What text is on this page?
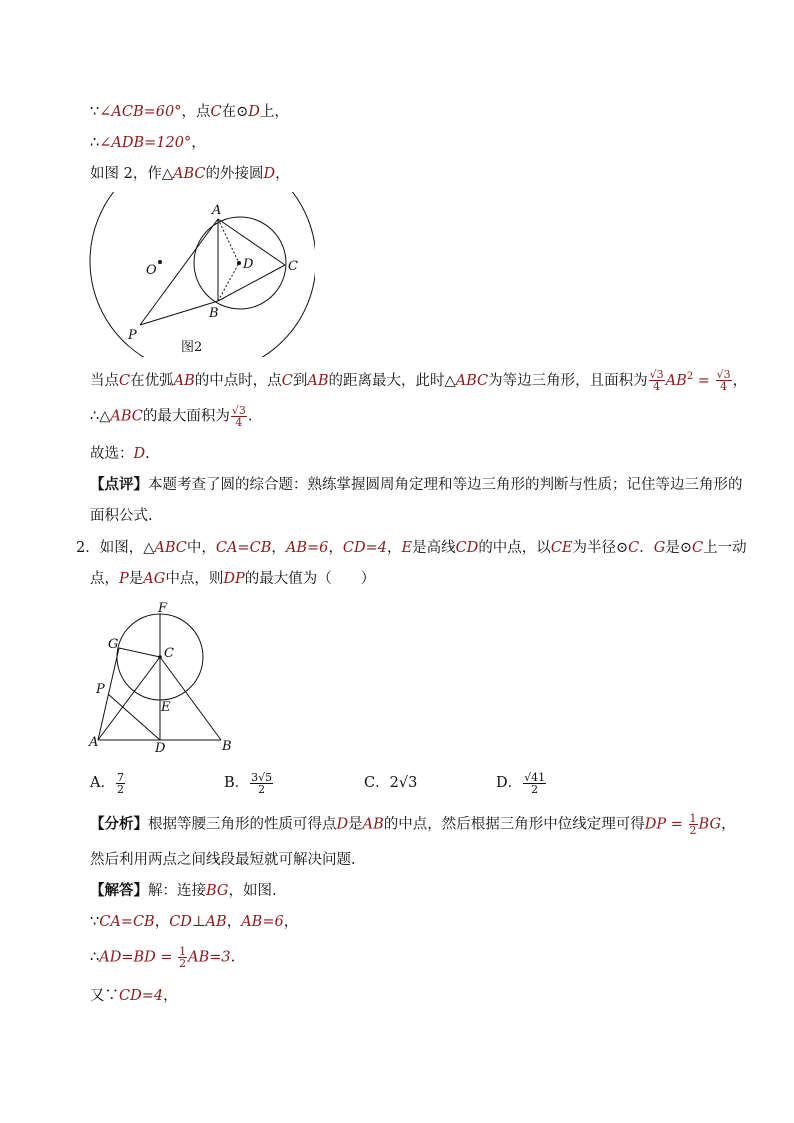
∵∠ACB=60°，点C在⊙D上，
∴∠ADB=120°，
如图 2，作△ABC的外接圆D，
A
B
C
D
O
P
图2
当点C在优弧AB的中点时，点C到AB的距离最大，此时△ABC为等边三角形，且面积为 $\frac{√3}{4} AB^2 = \frac{√3}{4}$ ，
∴△ABC的最大面积为 $\frac{√3}{4}$ .
故选：D.
【点评】本题考查了圆的综合题：熟练掌握圆周角定理和等边三角形的判断与性质；记住等边三角形的
面积公式.
2．如图，△ABC中，CA=CB，AB=6，CD=4，E是高线CD的中点，以CE为半径⊙C．G是⊙C上一动
点，P是AG中点，则DP的最大值为（　　）
F
G
C
P
E
A	D	B
A． $\frac{7}{2}$	B． $\frac{3√5}{2}$	C．2√3	D． $\frac{√41}{2}$
【分析】根据等腰三角形的性质可得点D是AB的中点，然后根据三角形中位线定理可得DP = $\frac{1}{2}$ BG，
然后利用两点之间线段最短就可解决问题.
【解答】解：连接BG，如图.
∵CA=CB，CD⊥AB，AB=6，
∴AD=BD = $\frac{1}{2} AB=3$.
又∵CD=4，
